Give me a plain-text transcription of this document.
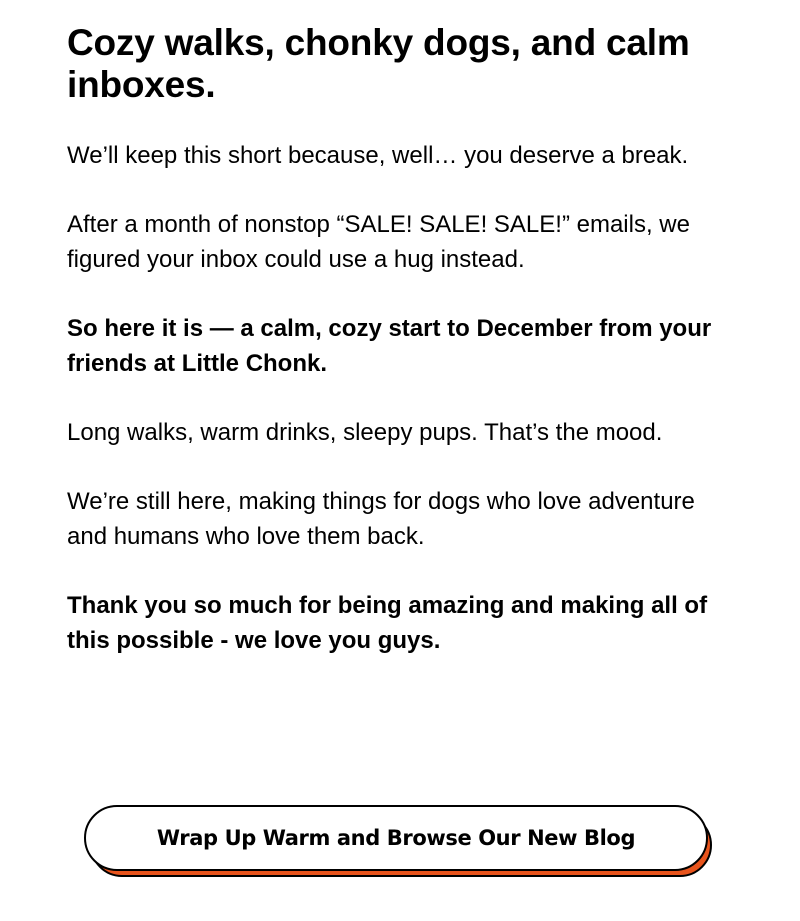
Cozy walks, chonky dogs, and calm inboxes.

We’ll keep this short because, well… you deserve a break.

After a month of nonstop “SALE! SALE! SALE!” emails, we figured your inbox could use a hug instead.

So here it is — a calm, cozy start to December from your friends at Little Chonk.

Long walks, warm drinks, sleepy pups. That’s the mood.

We’re still here, making things for dogs who love adventure and humans who love them back.

Thank you so much for being amazing and making all of this possible - we love you guys.

Wrap Up Warm and Browse Our New Blog
